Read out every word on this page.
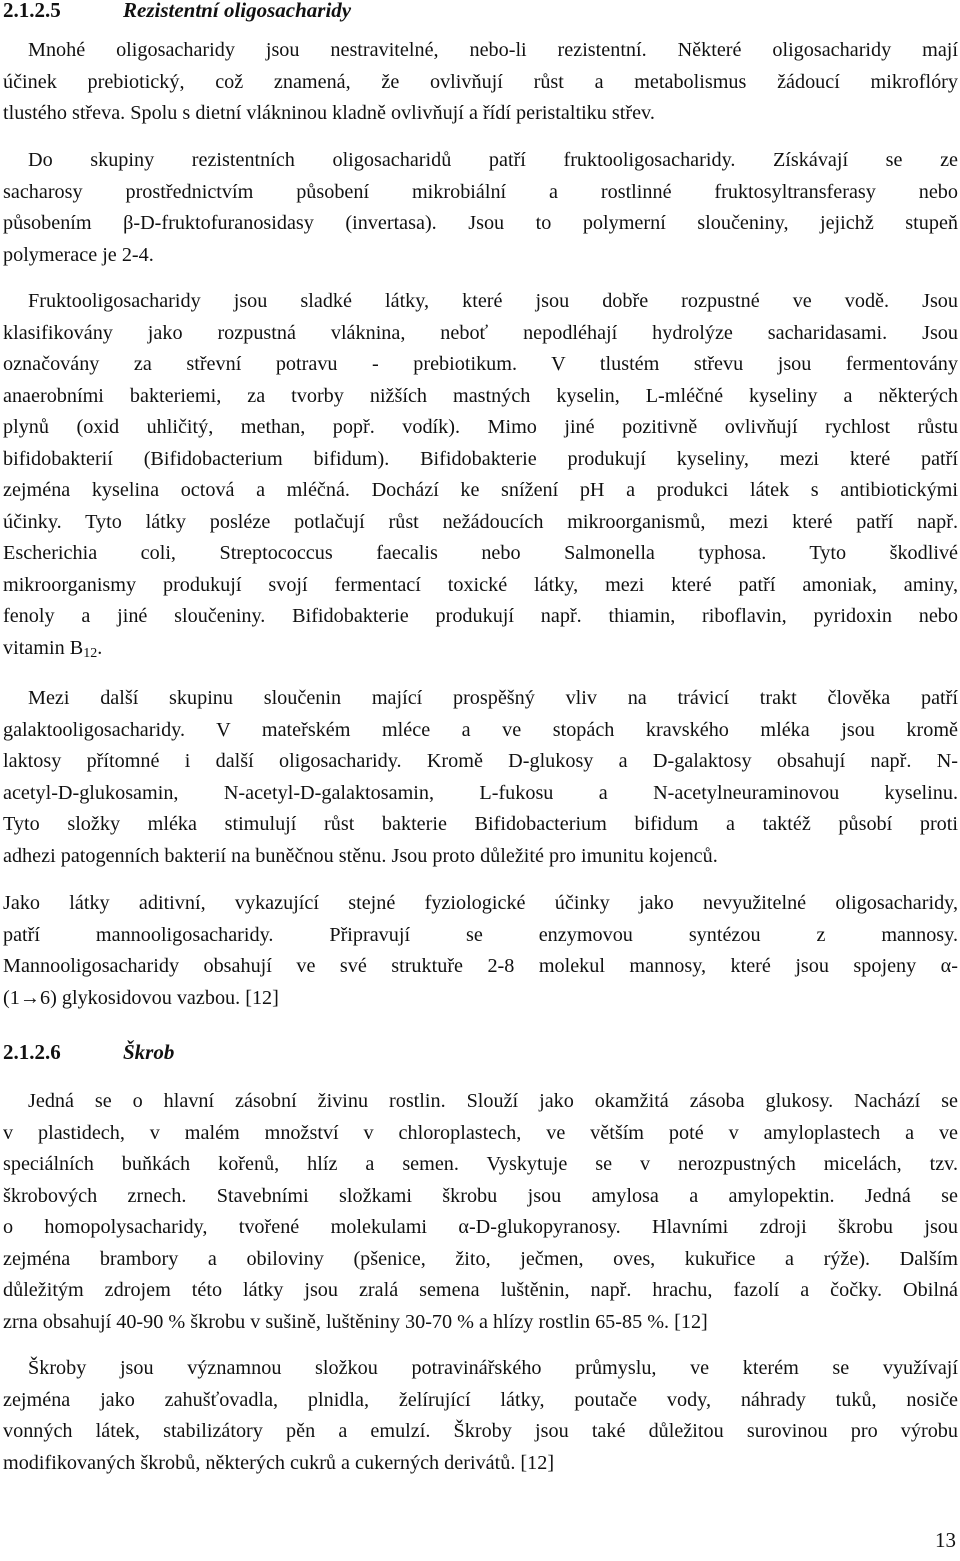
2.1.2.5	Rezistentní oligosacharidy
Mnohé oligosacharidy jsou nestravitelné, nebo-li rezistentní. Některé oligosacharidy mají
účinek prebiotický, což znamená, že ovlivňují růst a metabolismus žádoucí mikroflóry
tlustého střeva. Spolu s dietní vlákninou kladně ovlivňují a řídí peristaltiku střev.
Do skupiny rezistentních oligosacharidů patří fruktooligosacharidy. Získávají se ze
sacharosy prostřednictvím působení mikrobiální a rostlinné fruktosyltransferasy nebo
působením β-D-fruktofuranosidasy (invertasa). Jsou to polymerní sloučeniny, jejichž stupeň
polymerace je 2-4.
Fruktooligosacharidy jsou sladké látky, které jsou dobře rozpustné ve vodě. Jsou
klasifikovány jako rozpustná vláknina, neboť nepodléhají hydrolýze sacharidasami. Jsou
označovány za střevní potravu - prebiotikum. V tlustém střevu jsou fermentovány
anaerobními bakteriemi, za tvorby nižších mastných kyselin, L-mléčné kyseliny a některých
plynů (oxid uhličitý, methan, popř. vodík). Mimo jiné pozitivně ovlivňují rychlost růstu
bifidobakterií (Bifidobacterium bifidum). Bifidobakterie produkují kyseliny, mezi které patří
zejména kyselina octová a mléčná. Dochází ke snížení pH a produkci látek s antibiotickými
účinky. Tyto látky posléze potlačují růst nežádoucích mikroorganismů, mezi které patří např.
Escherichia coli, Streptococcus faecalis nebo Salmonella typhosa. Tyto škodlivé
mikroorganismy produkují svojí fermentací toxické látky, mezi které patří amoniak, aminy,
fenoly a jiné sloučeniny. Bifidobakterie produkují např. thiamin, riboflavin, pyridoxin nebo
vitamin $B_{12}$.
Mezi další skupinu sloučenin mající prospěšný vliv na trávicí trakt člověka patří
galaktooligosacharidy. V mateřském mléce a ve stopách kravského mléka jsou kromě
laktosy přítomné i další oligosacharidy. Kromě D-glukosy a D-galaktosy obsahují např. N-
acetyl-D-glukosamin, N-acetyl-D-galaktosamin, L-fukosu a N-acetylneuraminovou kyselinu.
Tyto složky mléka stimulují růst bakterie Bifidobacterium bifidum a taktéž působí proti
adhezi patogenních bakterií na buněčnou stěnu. Jsou proto důležité pro imunitu kojenců.
Jako látky aditivní, vykazující stejné fyziologické účinky jako nevyužitelné oligosacharidy,
patří mannooligosacharidy. Připravují se enzymovou syntézou z mannosy.
Mannooligosacharidy obsahují ve své struktuře 2-8 molekul mannosy, které jsou spojeny α-
(1→6) glykosidovou vazbou. [12]
2.1.2.6	Škrob
Jedná se o hlavní zásobní živinu rostlin. Slouží jako okamžitá zásoba glukosy. Nachází se
v plastidech, v malém množství v chloroplastech, ve větším poté v amyloplastech a ve
speciálních buňkách kořenů, hlíz a semen. Vyskytuje se v nerozpustných micelách, tzv.
škrobových zrnech. Stavebními složkami škrobu jsou amylosa a amylopektin. Jedná se
o homopolysacharidy, tvořené molekulami α-D-glukopyranosy. Hlavními zdroji škrobu jsou
zejména brambory a obiloviny (pšenice, žito, ječmen, oves, kukuřice a rýže). Dalším
důležitým zdrojem této látky jsou zralá semena luštěnin, např. hrachu, fazolí a čočky. Obilná
zrna obsahují 40-90 % škrobu v sušině, luštěniny 30-70 % a hlízy rostlin 65-85 %. [12]
Škroby jsou významnou složkou potravinářského průmyslu, ve kterém se využívají
zejména jako zahušťovadla, plnidla, želírující látky, poutače vody, náhrady tuků, nosiče
vonných látek, stabilizátory pěn a emulzí. Škroby jsou také důležitou surovinou pro výrobu
modifikovaných škrobů, některých cukrů a cukerných derivátů. [12]
13
